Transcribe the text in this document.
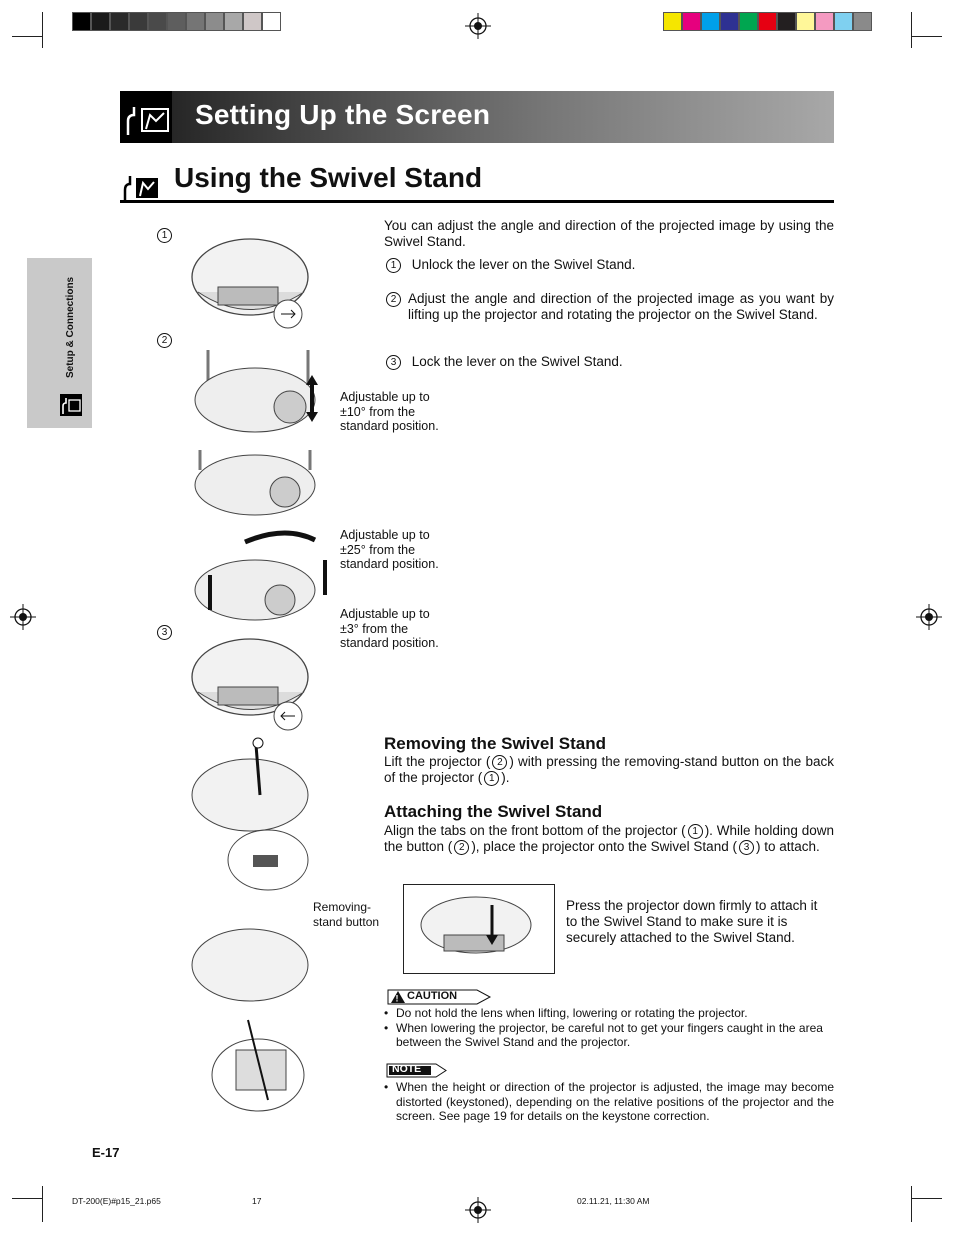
Setting Up the Screen
Using the Swivel Stand
Setup & Connections
1
2
3
Adjustable up to
±10° from the
standard position.
Adjustable up to
±25° from the
standard position.
Adjustable up to
±3° from the
standard position.
Removing-
stand button
You can adjust the angle and direction of the projected image by using the Swivel Stand.
1 Unlock the lever on the Swivel Stand.
2 Adjust the angle and direction of the projected image as you want by lifting up the projector and rotating the projector on the Swivel Stand.
3 Lock the lever on the Swivel Stand.
Removing the Swivel Stand
Lift the projector ( 2 ) with pressing the removing-stand button on the back of the projector ( 1 ).
Attaching the Swivel Stand
Align the tabs on the front bottom of the projector ( 1 ). While holding down the button ( 2 ), place the projector onto the Swivel Stand ( 3 ) to attach.
Press the projector down firmly to attach it to the Swivel Stand to make sure it is securely attached to the Swivel Stand.
! CAUTION
• Do not hold the lens when lifting, lowering or rotating the projector.
• When lowering the projector, be careful not to get your fingers caught in the area between the Swivel Stand and the projector.
NOTE
• When the height or direction of the projector is adjusted, the image may become distorted (keystoned), depending on the relative positions of the projector and the screen. See page 19 for details on the keystone correction.
E-17
DT-200(E)#p15_21.p65	17	02.11.21, 11:30 AM
